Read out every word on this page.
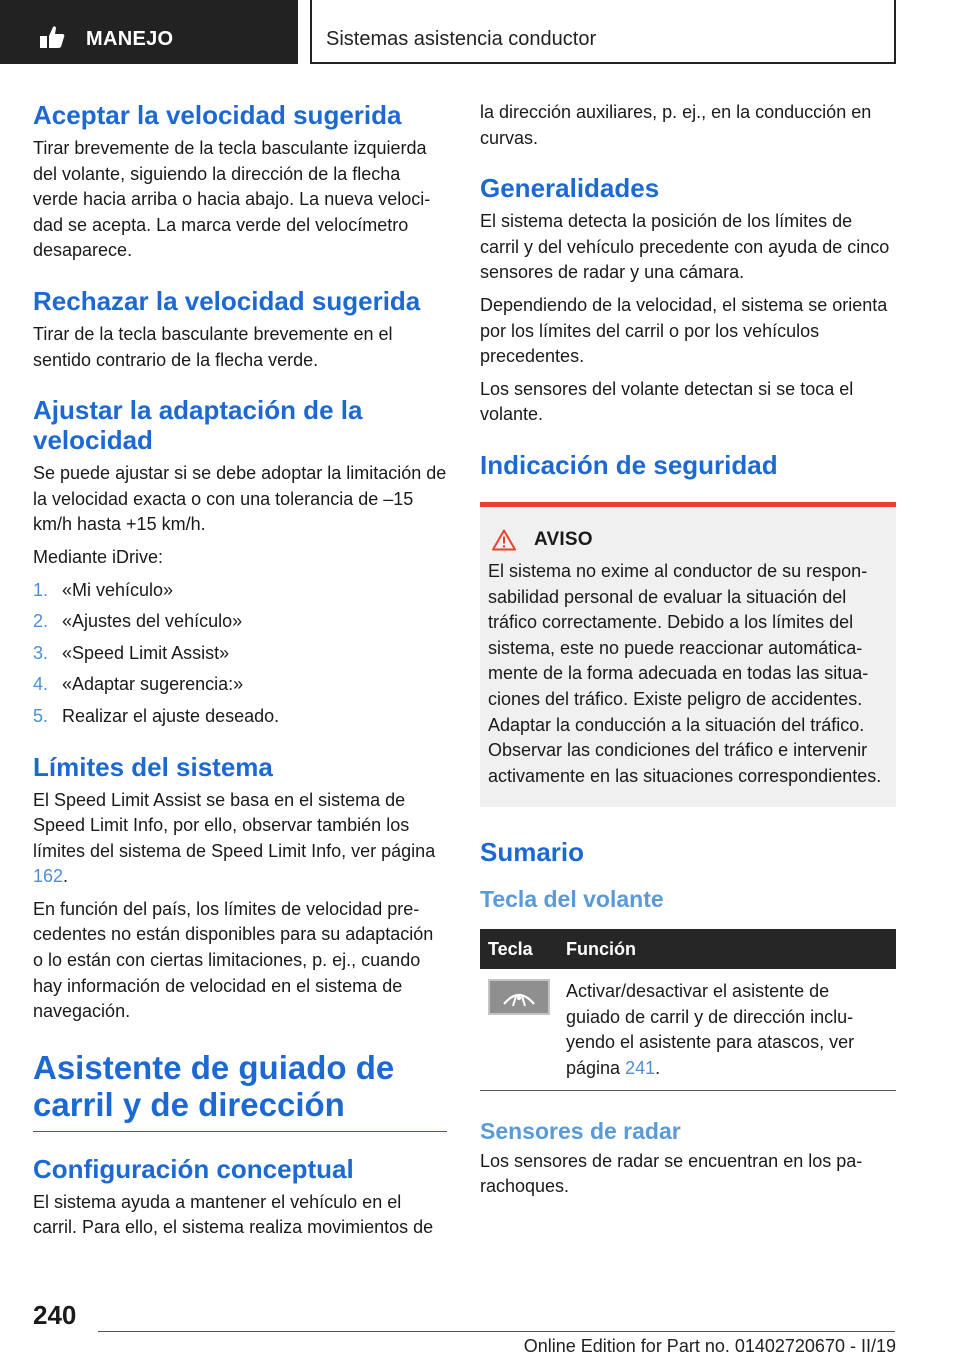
MANEJO	Sistemas asistencia conductor
Aceptar la velocidad sugerida

Tirar brevemente de la tecla basculante izquierda del volante, siguiendo la dirección de la flecha verde hacia arriba o hacia abajo. La nueva velocidad se acepta. La marca verde del velocímetro desaparece.

Rechazar la velocidad sugerida

Tirar de la tecla basculante brevemente en el sentido contrario de la flecha verde.

Ajustar la adaptación de la velocidad

Se puede ajustar si se debe adoptar la limitación de la velocidad exacta o con una tolerancia de –15 km/h hasta +15 km/h.

Mediante iDrive:

1. «Mi vehículo»
2. «Ajustes del vehículo»
3. «Speed Limit Assist»
4. «Adaptar sugerencia:»
5. Realizar el ajuste deseado.
Límites del sistema

El Speed Limit Assist se basa en el sistema de Speed Limit Info, por ello, observar también los límites del sistema de Speed Limit Info, ver página 162.

En función del país, los límites de velocidad precedentes no están disponibles para su adaptación o lo están con ciertas limitaciones, p. ej., cuando hay información de velocidad en el sistema de navegación.

Asistente de guiado de carril y de dirección
Configuración conceptual

El sistema ayuda a mantener el vehículo en el carril. Para ello, el sistema realiza movimientos de

la dirección auxiliares, p. ej., en la conducción en curvas.

Generalidades

El sistema detecta la posición de los límites de carril y del vehículo precedente con ayuda de cinco sensores de radar y una cámara.

Dependiendo de la velocidad, el sistema se orienta por los límites del carril o por los vehículos precedentes.

Los sensores del volante detectan si se toca el volante.

Indicación de seguridad
AVISO

El sistema no exime al conductor de su responsabilidad personal de evaluar la situación del tráfico correctamente. Debido a los límites del sistema, este no puede reaccionar automáticamente de la forma adecuada en todas las situaciones del tráfico. Existe peligro de accidentes. Adaptar la conducción a la situación del tráfico. Observar las condiciones del tráfico e intervenir activamente en las situaciones correspondientes.

Sumario
Tecla del volante
Tecla	Función

	Activar/desactivar el asistente de guiado de carril y de dirección incluyendo el asistente para atascos, ver página 241.
Sensores de radar

Los sensores de radar se encuentran en los parachoques.

240
Online Edition for Part no. 01402720670 - II/19
